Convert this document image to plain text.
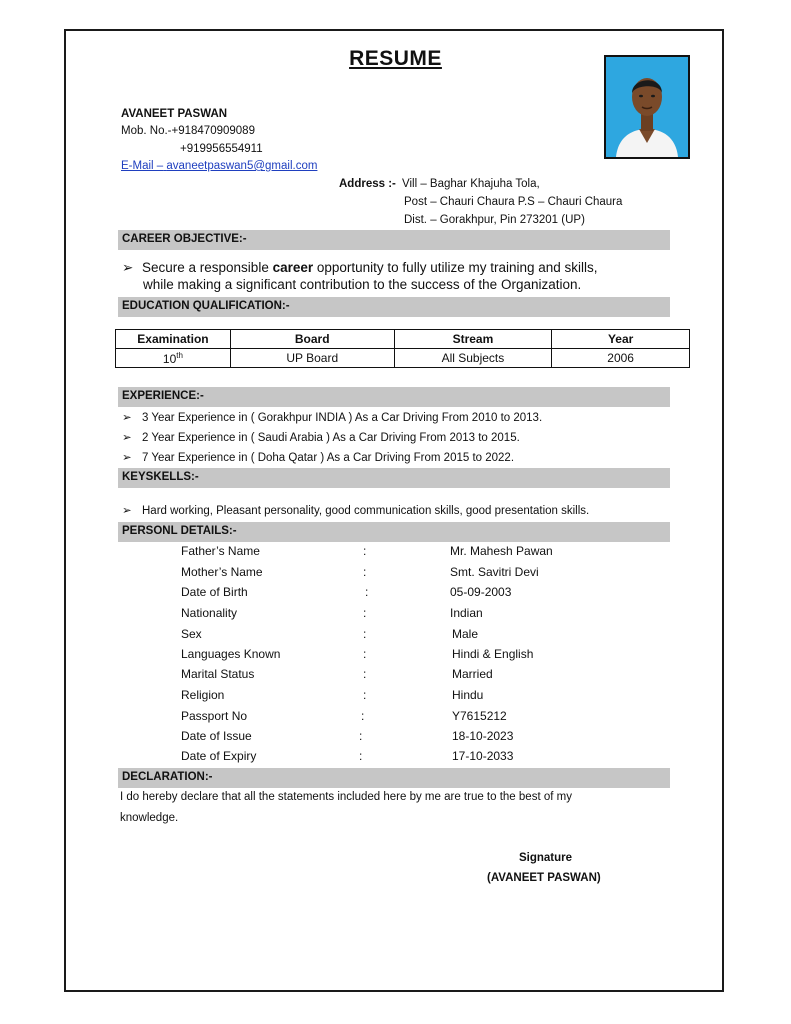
RESUME
AVANEET PASWAN
Mob. No.-+918470909089
+919956554911
E-Mail – avaneetpaswan5@gmail.com
Address :- Vill – Baghar Khajuha Tola,
Post – Chauri Chaura P.S – Chauri Chaura
Dist. – Gorakhpur, Pin 273201 (UP)
CAREER OBJECTIVE:-
➢ Secure a responsible career opportunity to fully utilize my training and skills,
while making a significant contribution to the success of the Organization.
EDUCATION QUALIFICATION:-
Examination	Board	Stream	Year
10th	UP Board	All Subjects	2006
EXPERIENCE:-
➢ 3 Year Experience in ( Gorakhpur INDIA ) As a Car Driving From 2010 to 2013.
➢ 2 Year Experience in ( Saudi Arabia ) As a Car Driving From 2013 to 2015.
➢ 7 Year Experience in ( Doha Qatar ) As a Car Driving From 2015 to 2022.
KEYSKELLS:-
➢ Hard working, Pleasant personality, good communication skills, good presentation skills.
PERSONL DETAILS:-
Father’s Name	:	Mr. Mahesh Pawan
Mother’s Name	:	Smt. Savitri Devi
Date of Birth	:	05-09-2003
Nationality	:	Indian
Sex	:	Male
Languages Known	:	Hindi & English
Marital Status	:	Married
Religion	:	Hindu
Passport No	:	Y7615212
Date of Issue	:	18-10-2023
Date of Expiry	:	17-10-2033
DECLARATION:-
I do hereby declare that all the statements included here by me are true to the best of my
knowledge.
Signature
(AVANEET PASWAN)
